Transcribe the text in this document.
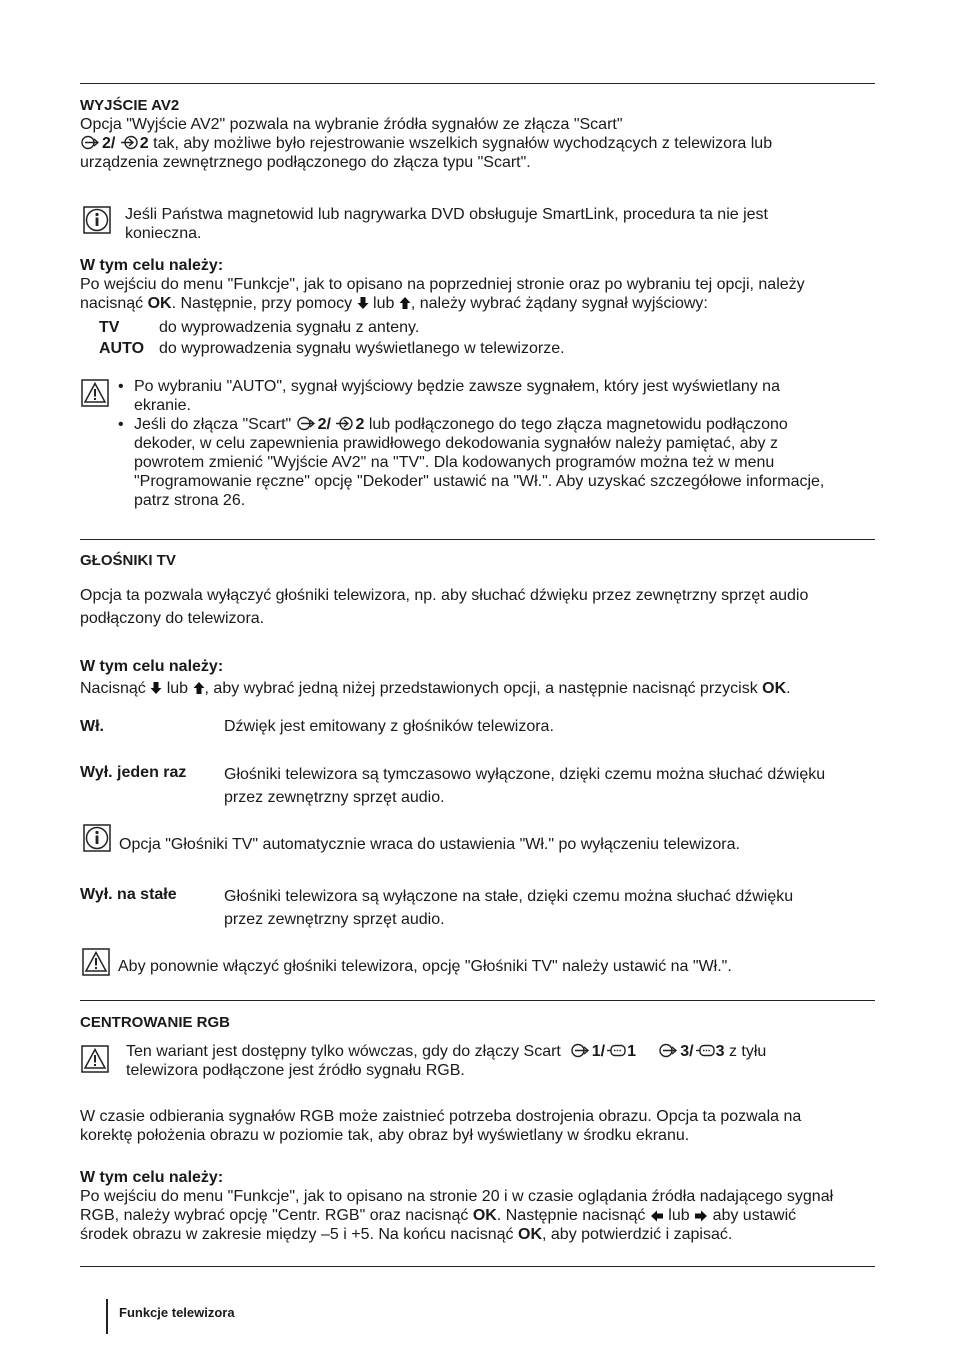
WYJŚCIE AV2
Opcja "Wyjście AV2" pozwala na wybranie źródła sygnałów ze złącza "Scart"
2/ 2 tak, aby możliwe było rejestrowanie wszelkich sygnałów wychodzących z telewizora lub
urządzenia zewnętrznego podłączonego do złącza typu "Scart".
Jeśli Państwa magnetowid lub nagrywarka DVD obsługuje SmartLink, procedura ta nie jest
konieczna.
W tym celu należy:
Po wejściu do menu "Funkcje", jak to opisano na poprzedniej stronie oraz po wybraniu tej opcji, należy
nacisnąć OK. Następnie, przy pomocy lub , należy wybrać żądany sygnał wyjściowy:
TV do wyprowadzenia sygnału z anteny.
AUTO do wyprowadzenia sygnału wyświetlanego w telewizorze.
• Po wybraniu "AUTO", sygnał wyjściowy będzie zawsze sygnałem, który jest wyświetlany na
ekranie.
• Jeśli do złącza "Scart" 2/ 2 lub podłączonego do tego złącza magnetowidu podłączono
dekoder, w celu zapewnienia prawidłowego dekodowania sygnałów należy pamiętać, aby z
powrotem zmienić "Wyjście AV2" na "TV". Dla kodowanych programów można też w menu
"Programowanie ręczne" opcję "Dekoder" ustawić na "Wł.". Aby uzyskać szczegółowe informacje,
patrz strona 26.
GŁOŚNIKI TV
Opcja ta pozwala wyłączyć głośniki telewizora, np. aby słuchać dźwięku przez zewnętrzny sprzęt audio
podłączony do telewizora.
W tym celu należy:
Nacisnąć lub , aby wybrać jedną niżej przedstawionych opcji, a następnie nacisnąć przycisk OK.
Wł.	Dźwięk jest emitowany z głośników telewizora.
Wył. jeden raz Głośniki telewizora są tymczasowo wyłączone, dzięki czemu można słuchać dźwięku
przez zewnętrzny sprzęt audio.
Opcja "Głośniki TV" automatycznie wraca do ustawienia "Wł." po wyłączeniu telewizora.
Wył. na stałe	Głośniki telewizora są wyłączone na stałe, dzięki czemu można słuchać dźwięku
przez zewnętrzny sprzęt audio.
Aby ponownie włączyć głośniki telewizora, opcję "Głośniki TV" należy ustawić na "Wł.".
CENTROWANIE RGB
Ten wariant jest dostępny tylko wówczas, gdy do złączy Scart 1/ 1	3/ 3 z tyłu
telewizora podłączone jest źródło sygnału RGB.
W czasie odbierania sygnałów RGB może zaistnieć potrzeba dostrojenia obrazu. Opcja ta pozwala na
korektę położenia obrazu w poziomie tak, aby obraz był wyświetlany w środku ekranu.
W tym celu należy:
Po wejściu do menu "Funkcje", jak to opisano na stronie 20 i w czasie oglądania źródła nadającego sygnał
RGB, należy wybrać opcję "Centr. RGB" oraz nacisnąć OK. Następnie nacisnąć lub aby ustawić
środek obrazu w zakresie między –5 i +5. Na końcu nacisnąć OK, aby potwierdzić i zapisać.
Funkcje telewizora
